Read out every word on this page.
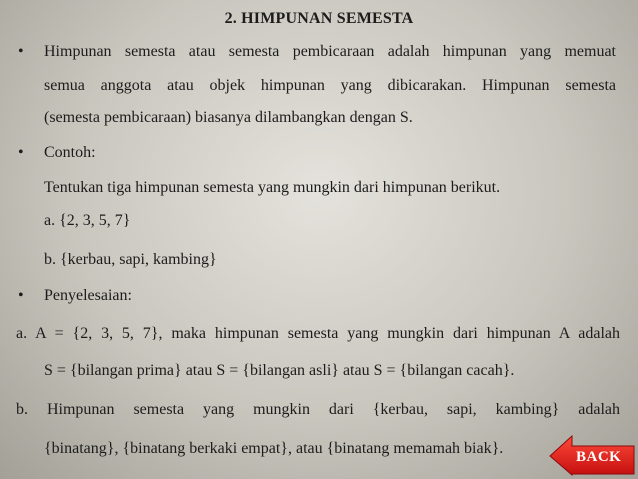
2. HIMPUNAN SEMESTA
• Himpunan semesta atau semesta pembicaraan adalah himpunan yang memuat
semua anggota atau objek himpunan yang dibicarakan. Himpunan semesta
(semesta pembicaraan) biasanya dilambangkan dengan S.
• Contoh:
Tentukan tiga himpunan semesta yang mungkin dari himpunan berikut.
a. {2, 3, 5, 7}
b. {kerbau, sapi, kambing}
• Penyelesaian:
a. A = {2, 3, 5, 7}, maka himpunan semesta yang mungkin dari himpunan A adalah
S = {bilangan prima} atau S = {bilangan asli} atau S = {bilangan cacah}.
b. Himpunan semesta yang mungkin dari {kerbau, sapi, kambing} adalah
{binatang}, {binatang berkaki empat}, atau {binatang memamah biak}.	BACK
